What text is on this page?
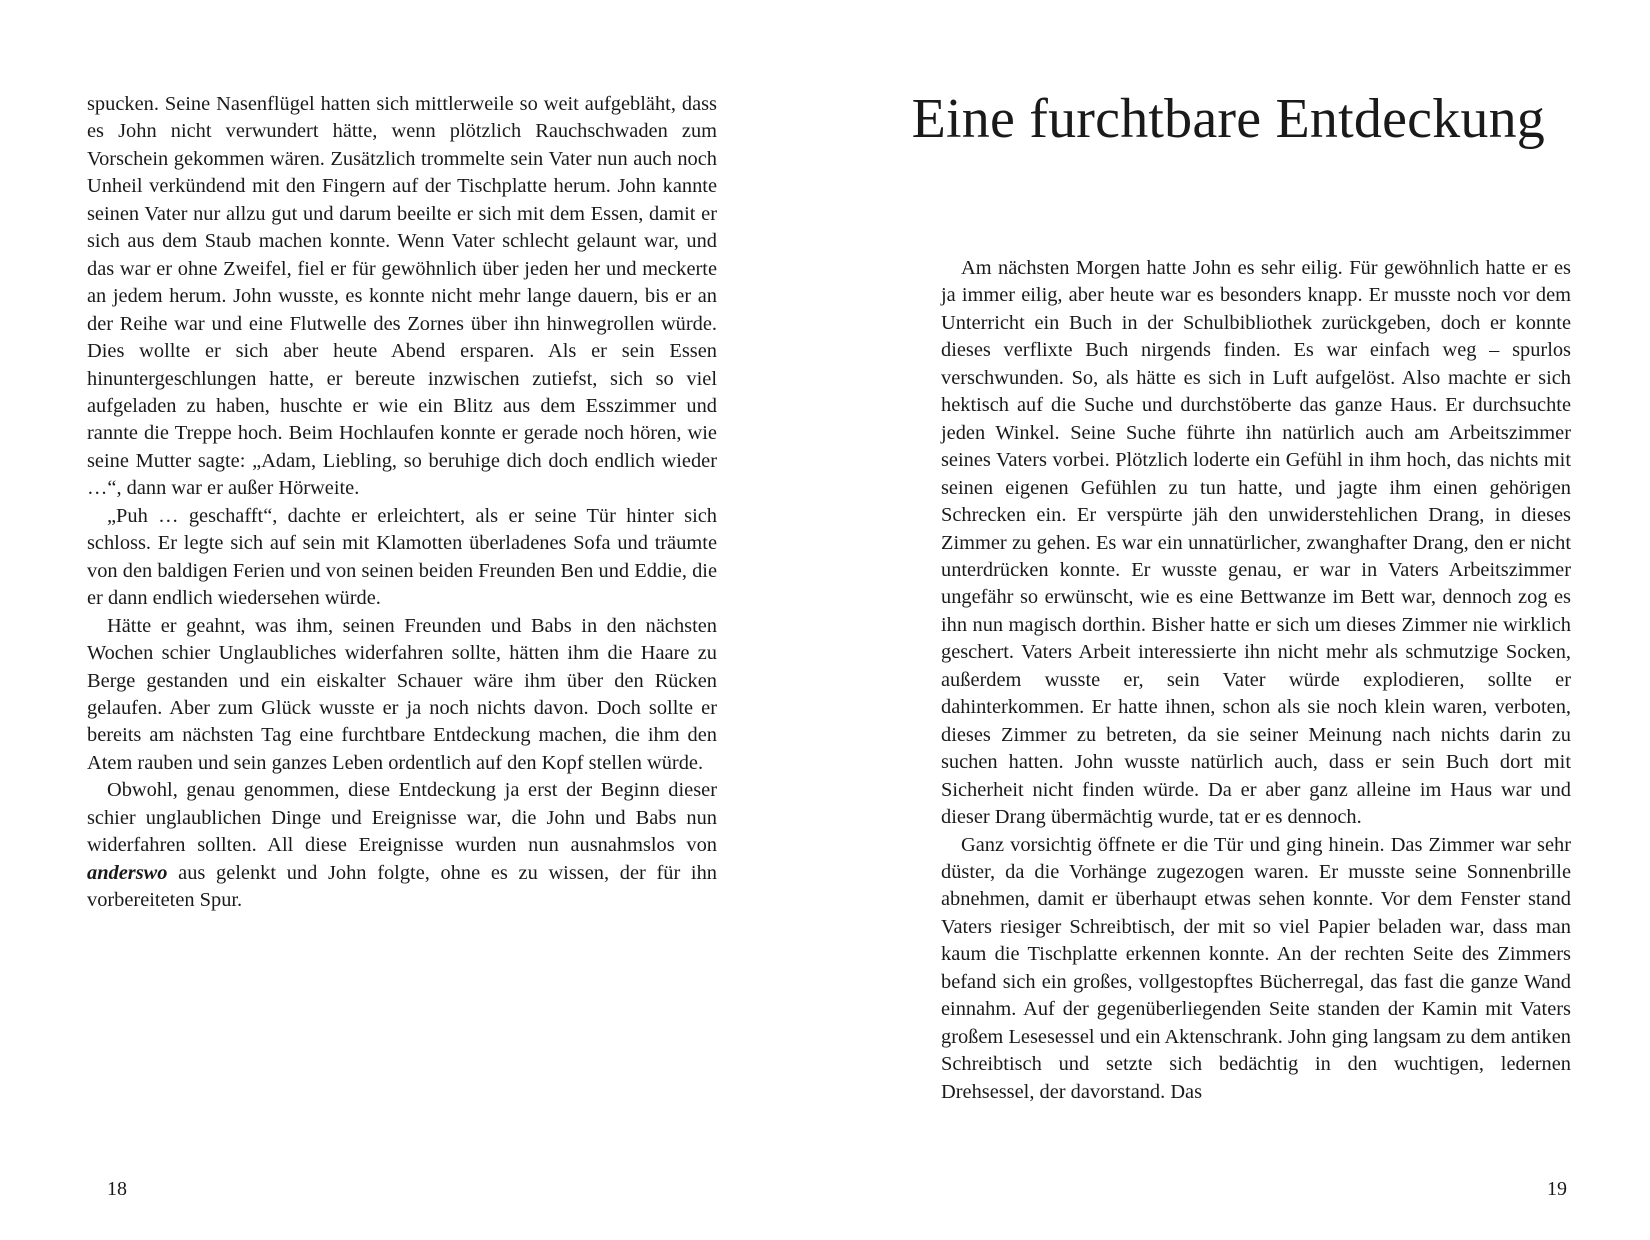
spucken. Seine Nasenflügel hatten sich mittlerweile so weit aufgebläht, dass es John nicht verwundert hätte, wenn plötzlich Rauchschwaden zum Vorschein gekommen wären. Zusätzlich trommelte sein Vater nun auch noch Unheil verkündend mit den Fingern auf der Tischplatte herum. John kannte seinen Vater nur allzu gut und darum beeilte er sich mit dem Essen, damit er sich aus dem Staub machen konnte. Wenn Vater schlecht gelaunt war, und das war er ohne Zweifel, fiel er für gewöhnlich über jeden her und meckerte an jedem herum. John wusste, es konnte nicht mehr lange dauern, bis er an der Reihe war und eine Flutwelle des Zornes über ihn hinwegrollen würde. Dies wollte er sich aber heute Abend ersparen. Als er sein Essen hinuntergeschlungen hatte, er bereute inzwischen zutiefst, sich so viel aufgeladen zu haben, huschte er wie ein Blitz aus dem Esszimmer und rannte die Treppe hoch. Beim Hochlaufen konnte er gerade noch hören, wie seine Mutter sagte: „Adam, Liebling, so beruhige dich doch endlich wieder …“, dann war er außer Hörweite.

„Puh … geschafft“, dachte er erleichtert, als er seine Tür hinter sich schloss. Er legte sich auf sein mit Klamotten überladenes Sofa und träumte von den baldigen Ferien und von seinen beiden Freunden Ben und Eddie, die er dann endlich wiedersehen würde.

Hätte er geahnt, was ihm, seinen Freunden und Babs in den nächsten Wochen schier Unglaubliches widerfahren sollte, hätten ihm die Haare zu Berge gestanden und ein eiskalter Schauer wäre ihm über den Rücken gelaufen. Aber zum Glück wusste er ja noch nichts davon. Doch sollte er bereits am nächsten Tag eine furchtbare Entdeckung machen, die ihm den Atem rauben und sein ganzes Leben ordentlich auf den Kopf stellen würde.

Obwohl, genau genommen, diese Entdeckung ja erst der Beginn dieser schier unglaublichen Dinge und Ereignisse war, die John und Babs nun widerfahren sollten. All diese Ereignisse wurden nun ausnahmslos von anderswo aus gelenkt und John folgte, ohne es zu wissen, der für ihn vorbereiteten Spur.

18
Eine furchtbare Entdeckung

Am nächsten Morgen hatte John es sehr eilig. Für gewöhnlich hatte er es ja immer eilig, aber heute war es besonders knapp. Er musste noch vor dem Unterricht ein Buch in der Schulbibliothek zurückgeben, doch er konnte dieses verflixte Buch nirgends finden. Es war einfach weg – spurlos verschwunden. So, als hätte es sich in Luft aufgelöst. Also machte er sich hektisch auf die Suche und durchstöberte das ganze Haus. Er durchsuchte jeden Winkel. Seine Suche führte ihn natürlich auch am Arbeitszimmer seines Vaters vorbei. Plötzlich loderte ein Gefühl in ihm hoch, das nichts mit seinen eigenen Gefühlen zu tun hatte, und jagte ihm einen gehörigen Schrecken ein. Er verspürte jäh den unwiderstehlichen Drang, in dieses Zimmer zu gehen. Es war ein unnatürlicher, zwanghafter Drang, den er nicht unterdrücken konnte. Er wusste genau, er war in Vaters Arbeitszimmer ungefähr so erwünscht, wie es eine Bettwanze im Bett war, dennoch zog es ihn nun magisch dorthin. Bisher hatte er sich um dieses Zimmer nie wirklich geschert. Vaters Arbeit interessierte ihn nicht mehr als schmutzige Socken, außerdem wusste er, sein Vater würde explodieren, sollte er dahinterkommen. Er hatte ihnen, schon als sie noch klein waren, verboten, dieses Zimmer zu betreten, da sie seiner Meinung nach nichts darin zu suchen hatten. John wusste natürlich auch, dass er sein Buch dort mit Sicherheit nicht finden würde. Da er aber ganz alleine im Haus war und dieser Drang übermächtig wurde, tat er es dennoch.

Ganz vorsichtig öffnete er die Tür und ging hinein. Das Zimmer war sehr düster, da die Vorhänge zugezogen waren. Er musste seine Sonnenbrille abnehmen, damit er überhaupt etwas sehen konnte. Vor dem Fenster stand Vaters riesiger Schreibtisch, der mit so viel Papier beladen war, dass man kaum die Tischplatte erkennen konnte. An der rechten Seite des Zimmers befand sich ein großes, vollgestopftes Bücherregal, das fast die ganze Wand einnahm. Auf der gegenüberliegenden Seite standen der Kamin mit Vaters großem Lesesessel und ein Aktenschrank. John ging langsam zu dem antiken Schreibtisch und setzte sich bedächtig in den wuchtigen, ledernen Drehsessel, der davorstand. Das

19
